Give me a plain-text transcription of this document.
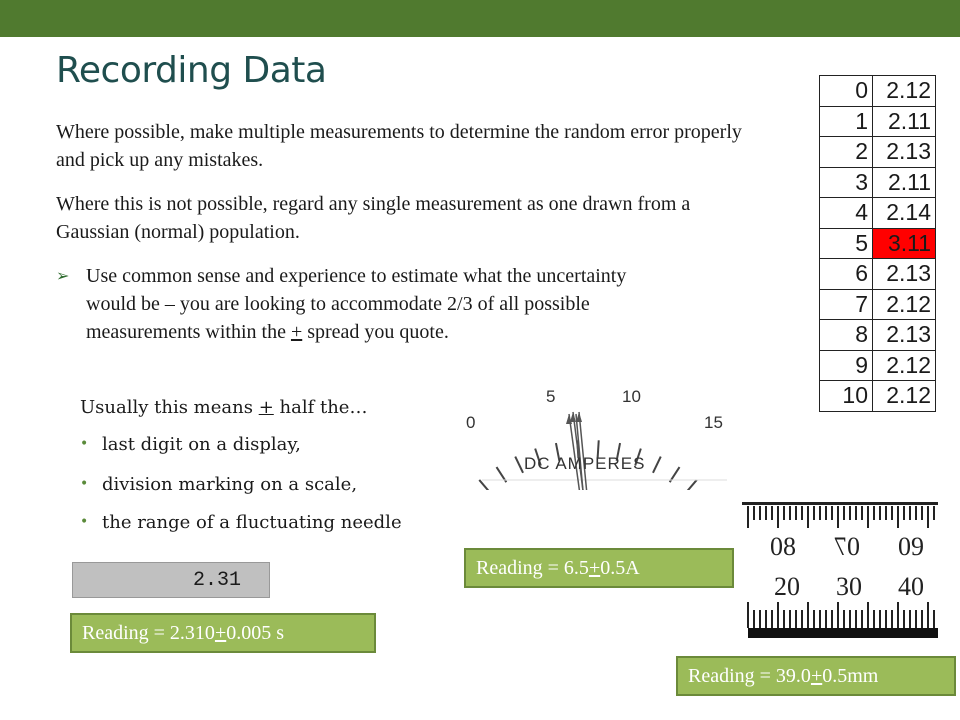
Recording Data
Where possible, make multiple measurements to determine the random error properly and pick up any mistakes.
Where this is not possible, regard any single measurement as one drawn from a Gaussian (normal) population.
➢ Use common sense and experience to estimate what the uncertainty
would be – you are looking to accommodate 2/3 of all possible
measurements within the + spread you quote.
Usually this means + half the…
• last digit on a display,
• division marking on a scale,
• the range of a fluctuating needle
0	2.12
1	2.11
2	2.13
3	2.11
4	2.14
5	3.11
6	2.13
7	2.12
8	2.13
9	2.12
10	2.12
0
5	10
15
DC AMPERES
2.31
Reading = 2.310+0.005 s
Reading = 6.5+0.5A
08 07 09
20 30 40
Reading = 39.0+0.5mm
